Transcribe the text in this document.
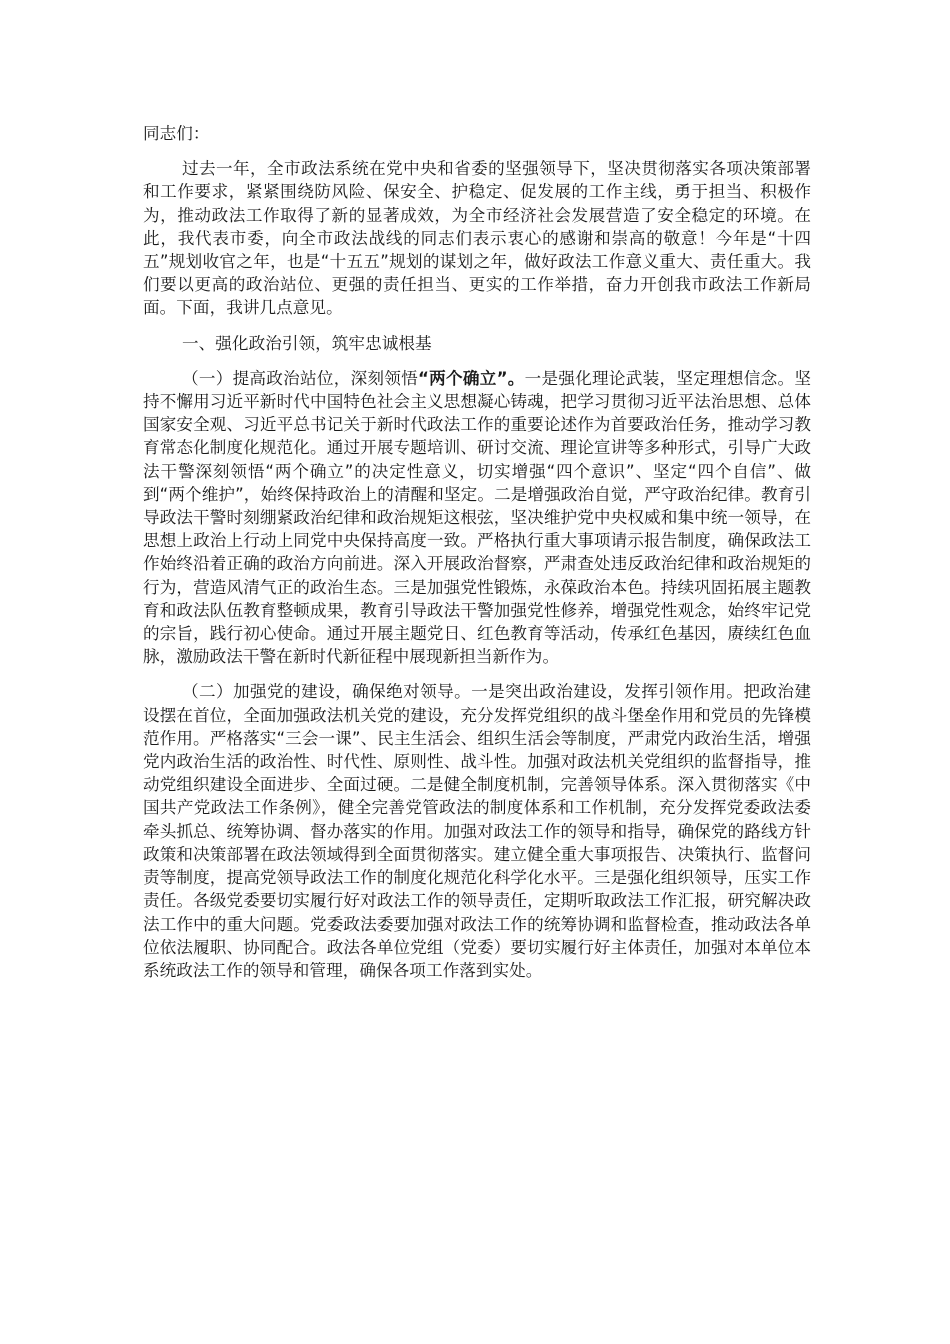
同志们：

过去一年，全市政法系统在党中央和省委的坚强领导下，坚决贯彻落实各项决策部署和工作要求，紧紧围绕防风险、保安全、护稳定、促发展的工作主线，勇于担当、积极作为，推动政法工作取得了新的显著成效，为全市经济社会发展营造了安全稳定的环境。在此，我代表市委，向全市政法战线的同志们表示衷心的感谢和崇高的敬意！今年是“十四五”规划收官之年，也是“十五五”规划的谋划之年，做好政法工作意义重大、责任重大。我们要以更高的政治站位、更强的责任担当、更实的工作举措，奋力开创我市政法工作新局面。下面，我讲几点意见。

一、强化政治引领，筑牢忠诚根基

（一）提高政治站位，深刻领悟“两个确立”。一是强化理论武装，坚定理想信念。坚持不懈用习近平新时代中国特色社会主义思想凝心铸魂，把学习贯彻习近平法治思想、总体国家安全观、习近平总书记关于新时代政法工作的重要论述作为首要政治任务，推动学习教育常态化制度化规范化。通过开展专题培训、研讨交流、理论宣讲等多种形式，引导广大政法干警深刻领悟“两个确立”的决定性意义，切实增强“四个意识”、坚定“四个自信”、做到“两个维护”，始终保持政治上的清醒和坚定。二是增强政治自觉，严守政治纪律。教育引导政法干警时刻绷紧政治纪律和政治规矩这根弦，坚决维护党中央权威和集中统一领导，在思想上政治上行动上同党中央保持高度一致。严格执行重大事项请示报告制度，确保政法工作始终沿着正确的政治方向前进。深入开展政治督察，严肃查处违反政治纪律和政治规矩的行为，营造风清气正的政治生态。三是加强党性锻炼，永葆政治本色。持续巩固拓展主题教育和政法队伍教育整顿成果，教育引导政法干警加强党性修养，增强党性观念，始终牢记党的宗旨，践行初心使命。通过开展主题党日、红色教育等活动，传承红色基因，赓续红色血脉，激励政法干警在新时代新征程中展现新担当新作为。

（二）加强党的建设，确保绝对领导。一是突出政治建设，发挥引领作用。把政治建设摆在首位，全面加强政法机关党的建设，充分发挥党组织的战斗堡垒作用和党员的先锋模范作用。严格落实“三会一课”、民主生活会、组织生活会等制度，严肃党内政治生活，增强党内政治生活的政治性、时代性、原则性、战斗性。加强对政法机关党组织的监督指导，推动党组织建设全面进步、全面过硬。二是健全制度机制，完善领导体系。深入贯彻落实《中国共产党政法工作条例》，健全完善党管政法的制度体系和工作机制，充分发挥党委政法委牵头抓总、统筹协调、督办落实的作用。加强对政法工作的领导和指导，确保党的路线方针政策和决策部署在政法领域得到全面贯彻落实。建立健全重大事项报告、决策执行、监督问责等制度，提高党领导政法工作的制度化规范化科学化水平。三是强化组织领导，压实工作责任。各级党委要切实履行好对政法工作的领导责任，定期听取政法工作汇报，研究解决政法工作中的重大问题。党委政法委要加强对政法工作的统筹协调和监督检查，推动政法各单位依法履职、协同配合。政法各单位党组（党委）要切实履行好主体责任，加强对本单位本系统政法工作的领导和管理，确保各项工作落到实处。
